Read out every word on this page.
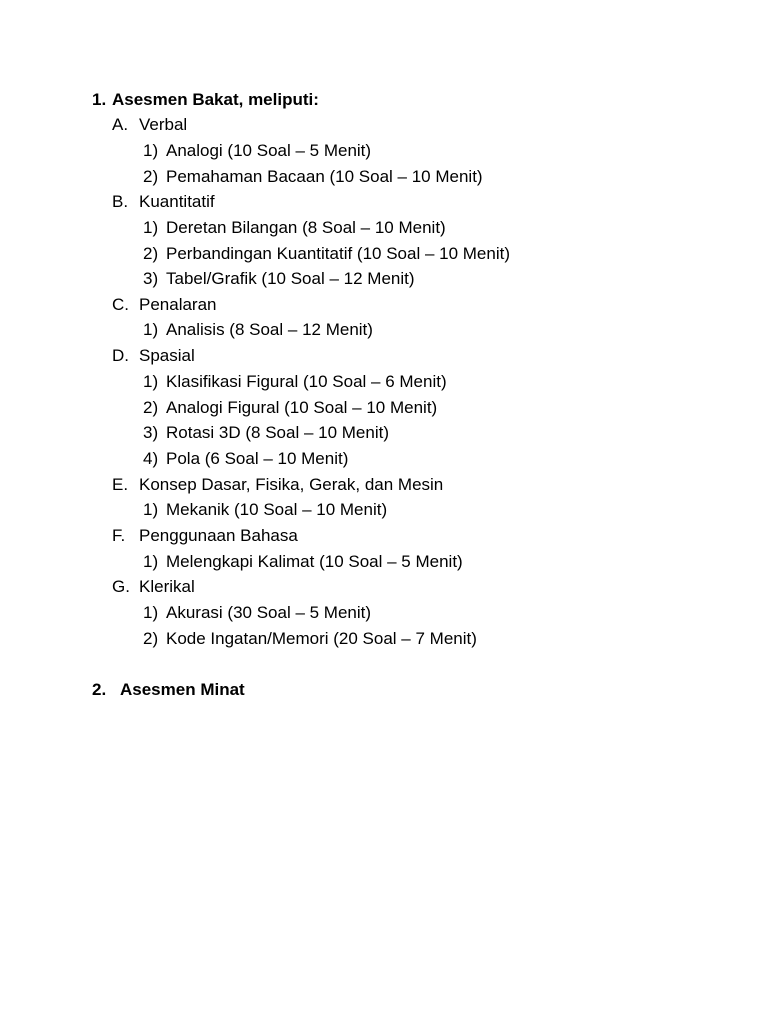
1. Asesmen Bakat, meliputi:
A. Verbal
1) Analogi (10 Soal – 5 Menit)
2) Pemahaman Bacaan (10 Soal – 10 Menit)
B. Kuantitatif
1) Deretan Bilangan (8 Soal – 10 Menit)
2) Perbandingan Kuantitatif (10 Soal – 10 Menit)
3) Tabel/Grafik (10 Soal – 12 Menit)
C. Penalaran
1) Analisis (8 Soal – 12 Menit)
D. Spasial
1) Klasifikasi Figural (10 Soal – 6 Menit)
2) Analogi Figural (10 Soal – 10 Menit)
3) Rotasi 3D (8 Soal – 10 Menit)
4) Pola (6 Soal – 10 Menit)
E. Konsep Dasar, Fisika, Gerak, dan Mesin
1) Mekanik (10 Soal – 10 Menit)
F. Penggunaan Bahasa
1) Melengkapi Kalimat (10 Soal – 5 Menit)
G. Klerikal
1) Akurasi (30 Soal – 5 Menit)
2) Kode Ingatan/Memori (20 Soal – 7 Menit)
2. Asesmen Minat
